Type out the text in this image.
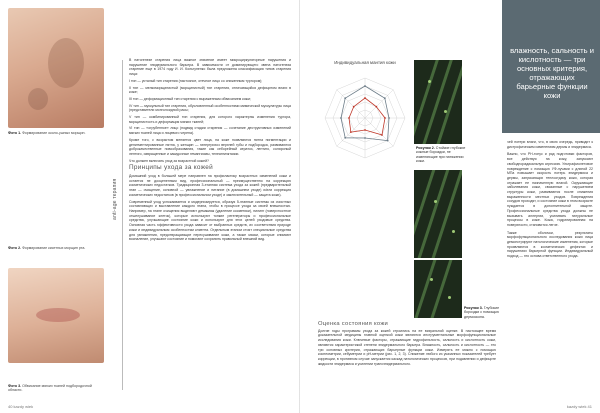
Фото 1. Формирование около-ушных морщин.
Фото 2. Формирование кисетных морщин рта.
Фото 3. Обвисание мягких тканей подбородочной области.
anti-age терапия

В патогенезе старения лица важное значение имеет микроциркуляторные нарушения и нарушение эпидермального барьера. В зависимости от доминирующего звена патогенеза старение еще в 1974 году И. И. Кольгуненко была предложена классификация типов старения лица:

I тип — усталый тип старения (пастозное, отечное лицо со сниженным тургором);

II тип — мелкоморщинистый (морщинистый) тип старения, отличающийся дефицитом влаги в коже;

III тип — деформационный тип старения с выраженным обвисанием кожи;

IV тип — мускульный тип старения, обусловленный особенностями мимической мускулатуры лица (представители монголоидной расы;

V тип — комбинированный тип старения, для которого характерны изменения тургора, морщинистость и деформация мягких тканей;

VI тип — «огрубенное» лицо (подвид стадии старения — сочетание деструктивных изменений мягких тканей лица и лицевого черепа).

Кроме того, с возрастом меняется цвет лица, на коже появляются пятна пигментации и депигментированные пятна, у женщин — гипертрихоз верхней губы и подбородка, развиваются доброкачественные новообразования, такие как себорейный кератоз, лентиго, соляроный лентиго, извращенные и закидочные гемангиомы, телеангиэктазии.

Что должен включать уход за возрастной кожей?

Принципы ухода за кожей

Домашний уход в большей мере направлен на профилактику возрастных изменений кожи и остается не дооцененным вид, профессиональный — преимущественно на коррекцию косметических недостатков. Традиционная 3-этапная система ухода за кожей (предварительный этап — очищение, основной — увлажнение и питание (в домашнем уходе) и/или коррекция косметических недостатков (в профессиональном уходе) и заключительный — защита кожи).

Современный уход успокаивается и модернизируется, образуя 5-этапные системы из очистных составляющих и выставление каждого этапа, чтобы в процессе ухода за своей внешностью. Например, на этапе очищения выделяют демакияж (удаление косметики), пилинг (поверхностное отшелушивание клеток), которые используют тонкие регенераторы и профессиональные средства, улучшающие состояние кожи и используют для этих целей уходовые средства. Основная часть эффективности ухода зависит от выбранных средств, их соответствия природе кожи и индивидуальным особенностям клиента. Отдельным этапом стоят специальные средства для увлажнения, предотвращающие пересушивание кожи, а также маски, которые снимают воспаление, улучшают состояние и помогают сохранить правильный внешний вид.

40 kazdy wiek
Индивидуальная мантия кожи
Рисунок 2. Стойкие глубокие кожные бороздки, не изменяющие при натяжении кожи.
Рисунок 3. Глубокие бороздки с помощью дермоскопа.
влажность, сальность и кислотность — три основных критерия, отражающих барьерные функции кожи

чей потери влаги, что, в свою очередь, приводит к дистрофическим изменениям дермы и эпидермиса.

Важно, что PH-тонус и ряд подготовки факторов, все действуя на кожу, запускают свободнорадикальную агрессию. Ультрафиолетовое повреждение с помощью УФ-лучами с длиной 22 МПа повышает скорость потерь эпидермиса и дермы, запускающих теплоотдачу кожи, которая отражает ее назначенную влагой. Окружающие заболевания кожи, связанные с нарушением структуры кожи, развиваются после снижения выраженности местных уходов. Повреждения сосудов проходят, и состояние кожи в этом возрасте нуждается в дополнительной защите. Профессиональные средства ухода должны не вызывать аллергии, усиливать натуральные процессы в коже. Кожа, гидратированная на поверхности, становится легче.

Также оболочки, результаты морфофункционального исследования кожи лица демонстрируют патологические изменения, которые проявляются в косметических дефектах и нарушениях барьерной функции. Индивидуальный подход — это основа ответственного ухода.

Оценка состояния кожи

Долгие годы программы ухода за кожей строились на ее визуальной оценке. В настоящее время доказательной медицины главной оценкой кожи являются инструментальные морфофункциональные исследования кожи. Ключевые факторы, отражающие гидрофильность, сальность и кислотность кожи, являются характеристикой степени эпидермального барьера. Влажность, сальность и кислотность — это три основных критерия, отражающих барьерные функции кожи. Измерять ее можно с помощью коснеометрии, себуметрии и pH-метрии (рис. 1, 2, 3). Снижение любого из указанных показателей требует коррекции, в противном случае запускается каскад патологических процессов, при подавлении и дефиците жидкости эпидермиса и усилении трансэпидермального.

kazdy wiek 41
